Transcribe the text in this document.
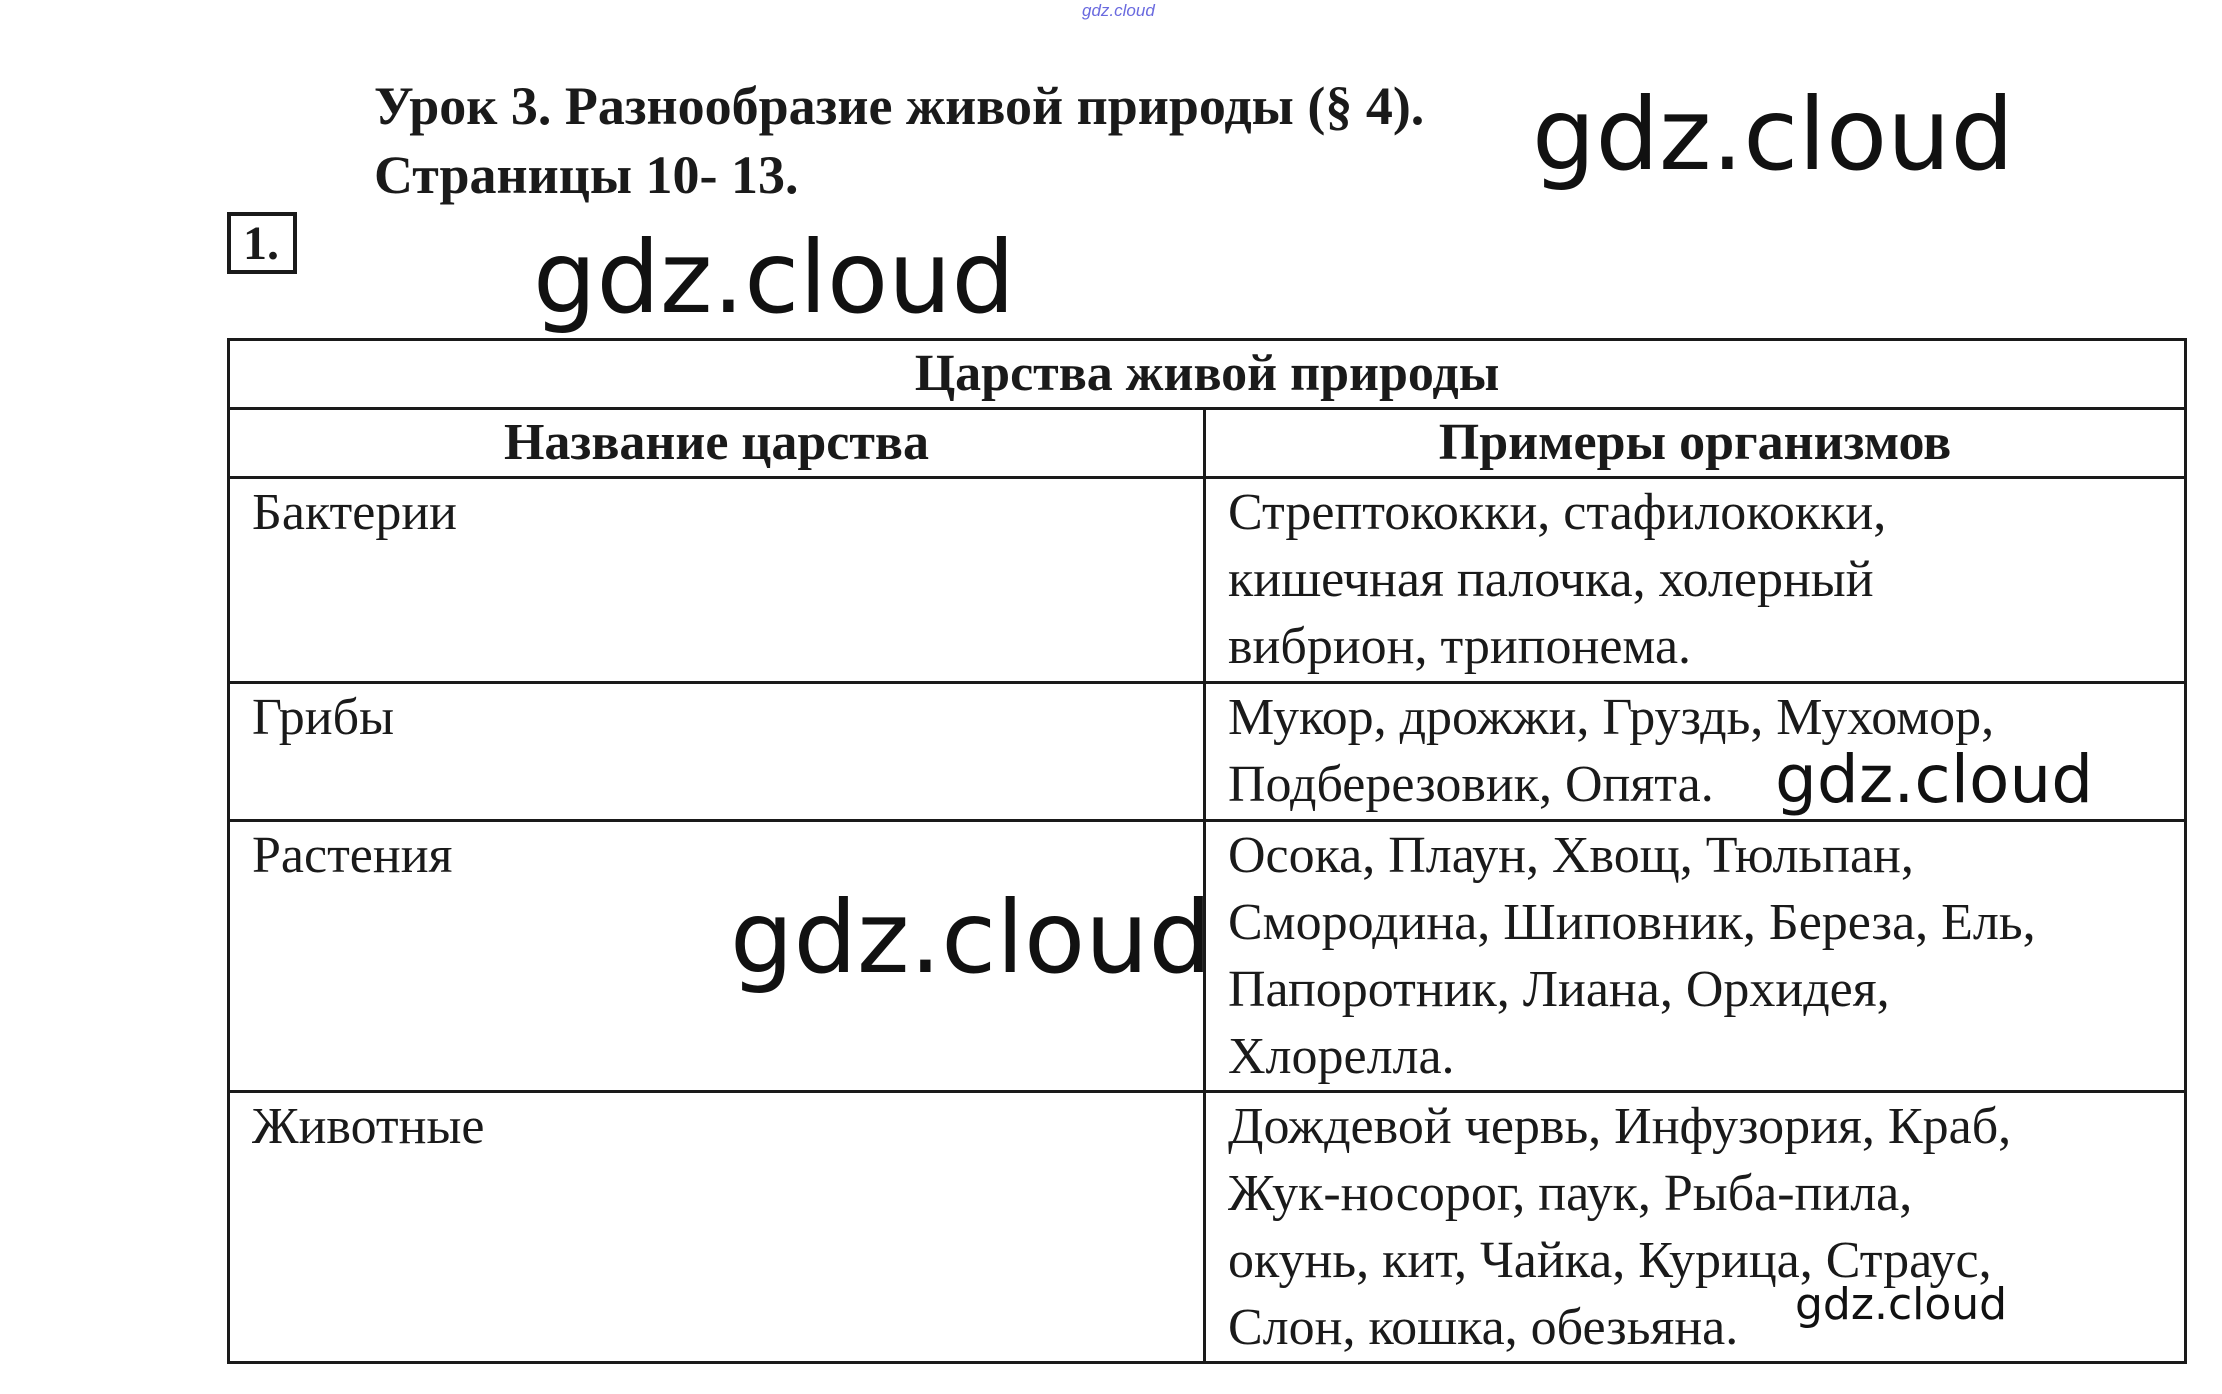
gdz.cloud
Урок 3. Разнообразие живой природы (§ 4).
Страницы 10- 13.
1.
Царства живой природы	
Название царства	Примеры организмов
Бактерии	Стрептококки, стафилококки,
кишечная палочка, холерный
вибрион, трипонема.

Грибы	Мукор, дрожжи, Груздь, Мухомор,
Подберезовик, Опята.

Растения	Осока, Плаун, Хвощ, Тюльпан,
Смородина, Шиповник, Береза, Ель,
Папоротник, Лиана, Орхидея,
Хлорелла.

Животные	Дождевой червь, Инфузория, Краб,
Жук-носорог, паук, Рыба-пила,
окунь, кит, Чайка, Курица, Страус,
Слон, кошка, обезьяна.
gdz.cloud
gdz.cloud
gdz.cloud
gdz.cloud
gdz.cloud
